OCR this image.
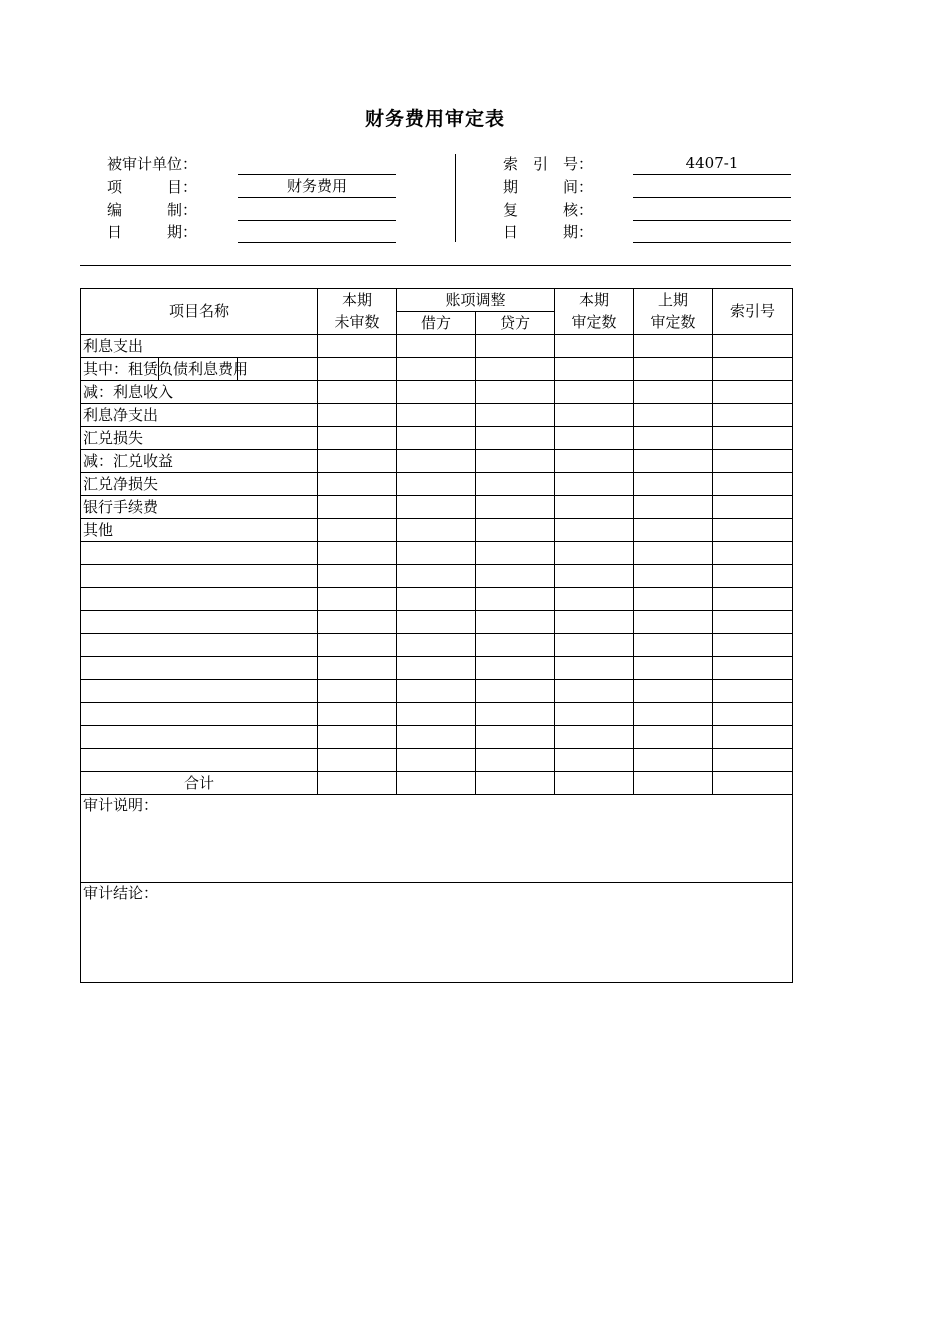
财务费用审定表
被审计单位：
项　　　目：	财务费用
编　　　制：
日　　　期：
索　引　号：	4407-1
期　　　间：
复　　　核：
日　　　期：
项目名称	本期	账项调整		本期	上期	索引号
	未审数	借方	贷方	审定数	审定数	
利息支出						
其中：租赁负债利息费用						
减：利息收入						
利息净支出						
汇兑损失						
减：汇兑收益						
汇兑净损失						
银行手续费						
其他						

合计						
审计说明：						
审计结论：						
